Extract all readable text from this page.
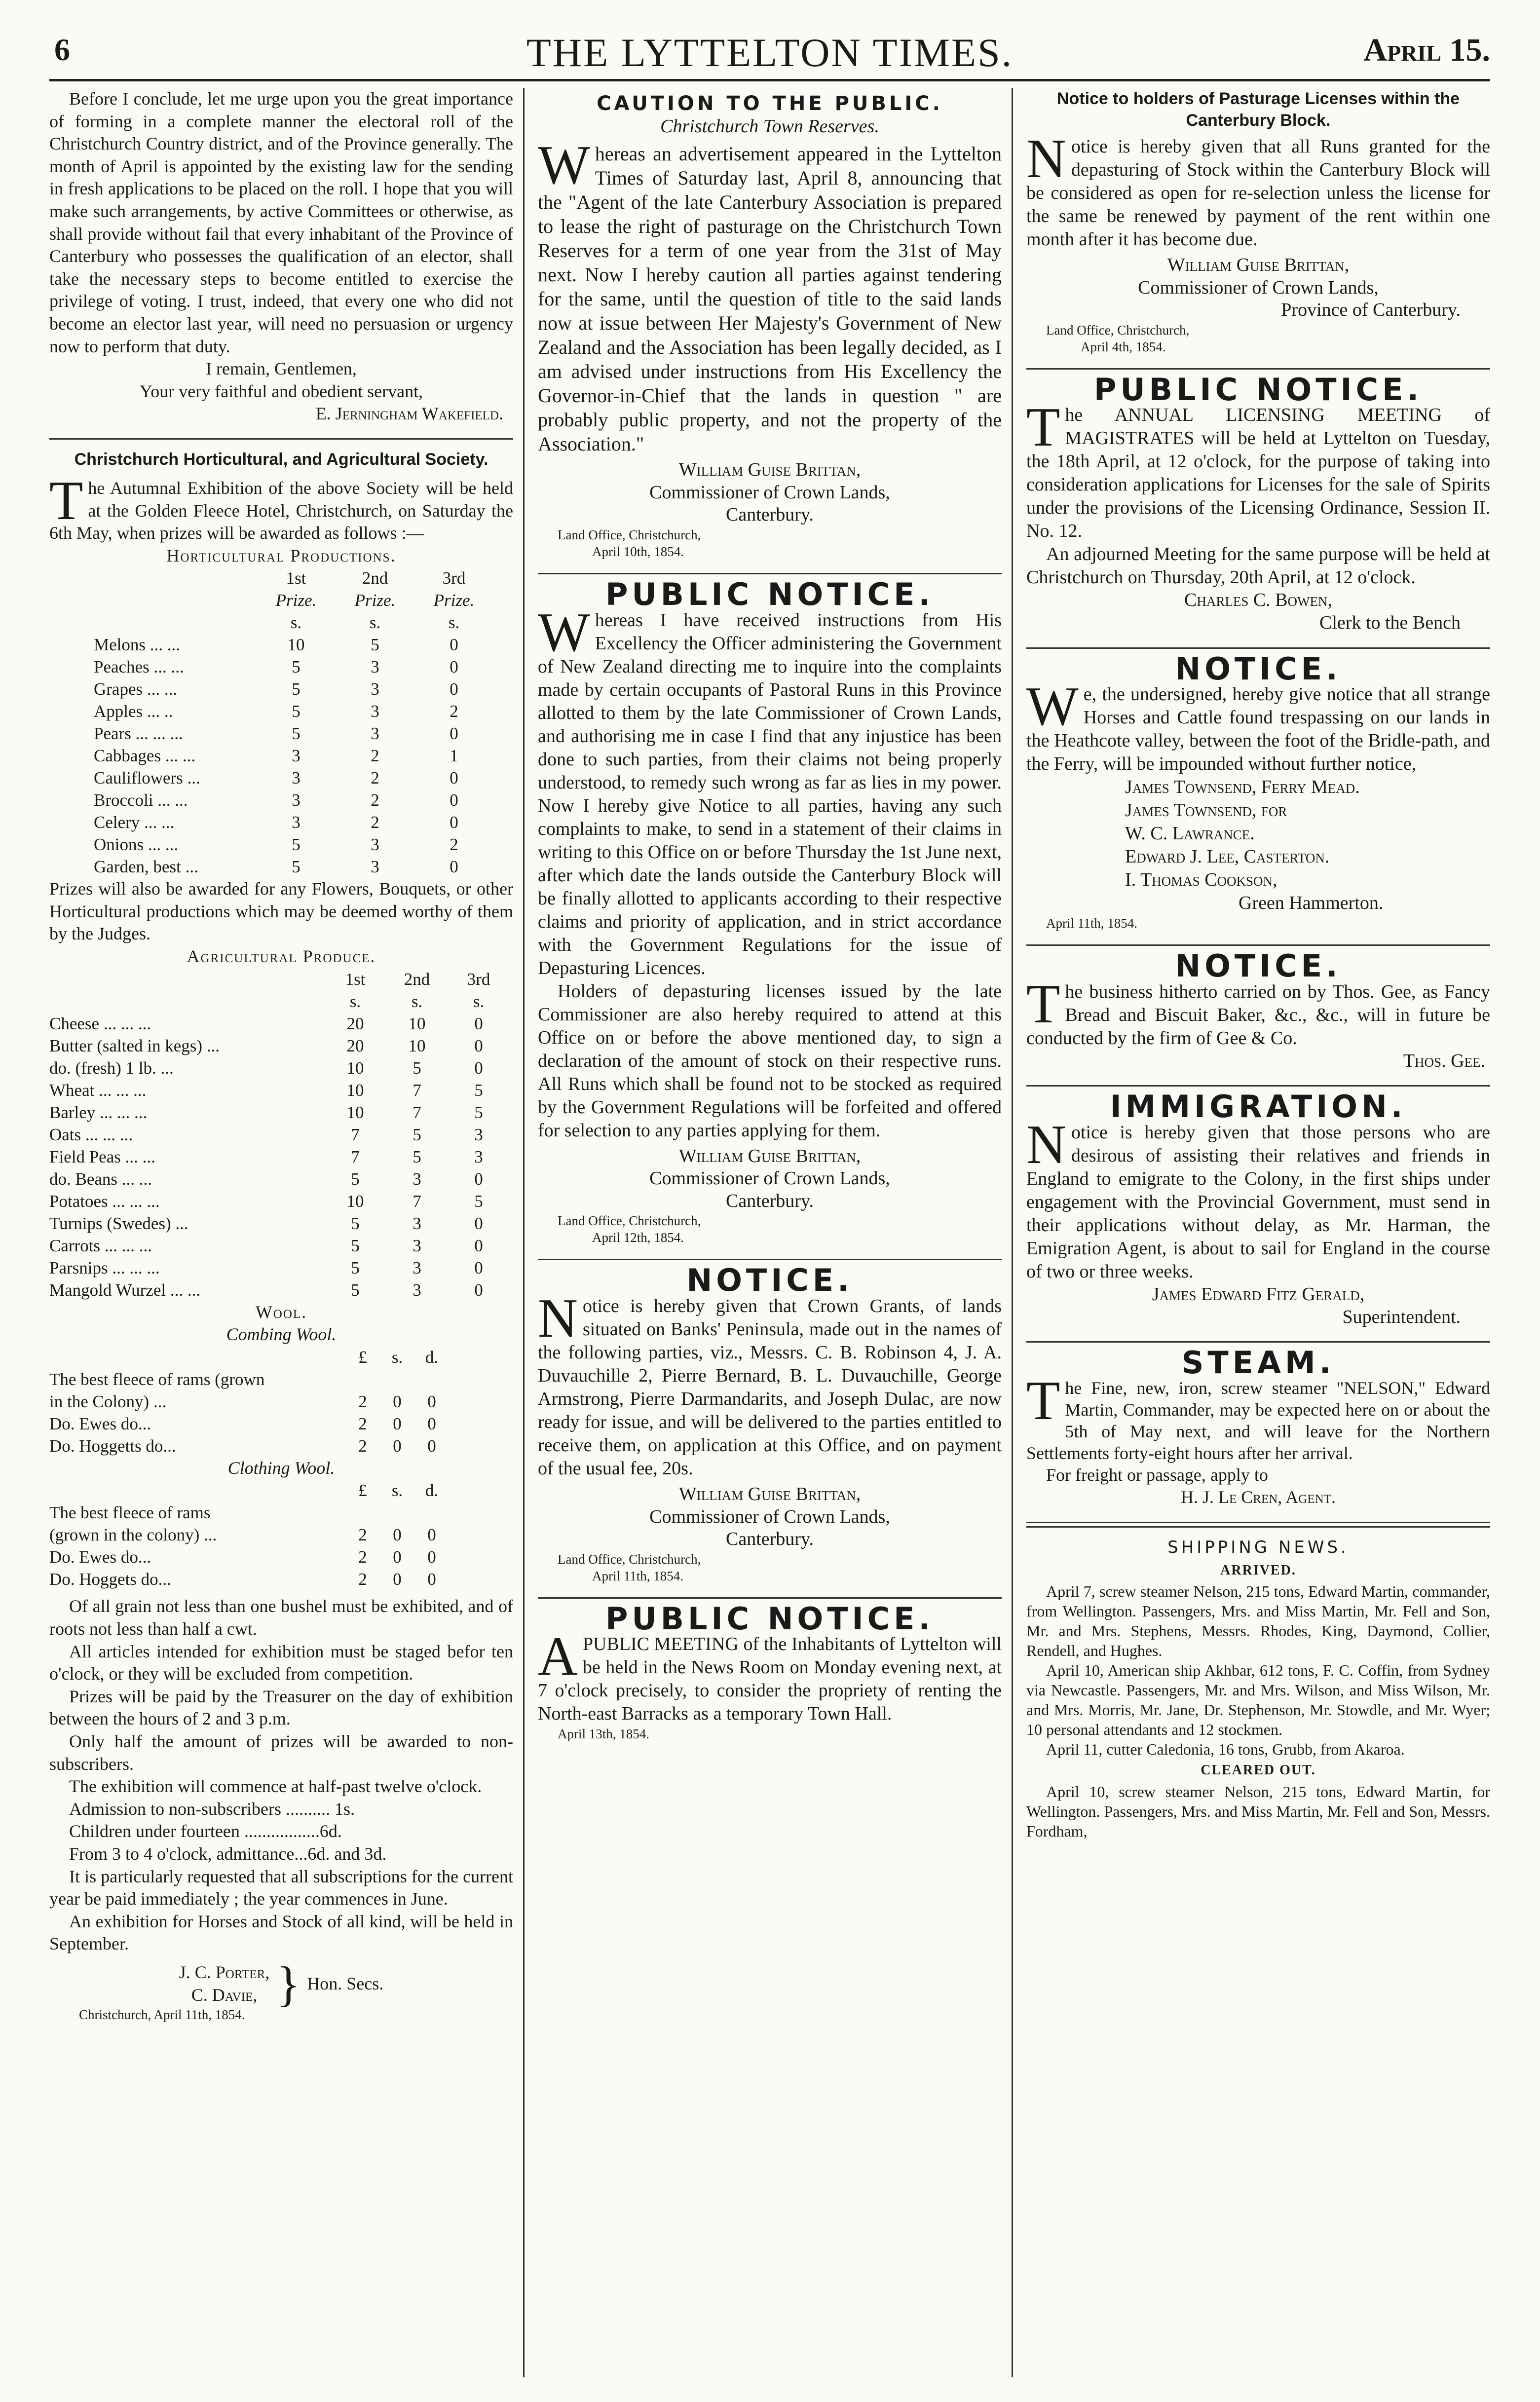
6	THE LYTTELTON TIMES.	April 15.

Before I conclude, let me urge upon you the great importance of forming in a complete manner the electoral roll of the Christchurch Country district, and of the Province generally. The month of April is appointed by the existing law for the sending in fresh applications to be placed on the roll. I hope that you will make such arrangements, by active Committees or otherwise, as shall provide without fail that every inhabitant of the Province of Canterbury who possesses the qualification of an elector, shall take the necessary steps to become entitled to exercise the privilege of voting. I trust, indeed, that every one who did not become an elector last year, will need no persuasion or urgency now to perform that duty.

I remain, Gentlemen,

Your very faithful and obedient servant,

E. Jerningham Wakefield.

Christchurch Horticultural, and Agricultural Society.

The Autumnal Exhibition of the above Society will be held at the Golden Fleece Hotel, Christchurch, on Saturday the 6th May, when prizes will be awarded as follows :—

Horticultural Productions.

	1st	2nd	3rd
	Prize.	Prize.	Prize.
	s.	s.	s.
Melons ... ...	10	5	0
Peaches ... ...	5	3	0
Grapes ... ...	5	3	0
Apples ... ..	5	3	2
Pears ... ... ...	5	3	0
Cabbages ... ...	3	2	1
Cauliflowers ...	3	2	0
Broccoli ... ...	3	2	0
Celery ... ...	3	2	0
Onions ... ...	5	3	2
Garden, best ...	5	3	0

Prizes will also be awarded for any Flowers, Bouquets, or other Horticultural productions which may be deemed worthy of them by the Judges.

Agricultural Produce.

	1st	2nd	3rd
	s.	s.	s.
Cheese ... ... ...	20	10	0
Butter (salted in kegs) ...	20	10	0
do. (fresh) 1 lb. ...	10	5	0
Wheat ... ... ...	10	7	5
Barley ... ... ...	10	7	5
Oats ... ... ...	7	5	3
Field Peas ... ...	7	5	3
do. Beans ... ...	5	3	0
Potatoes ... ... ...	10	7	5
Turnips (Swedes) ...	5	3	0
Carrots ... ... ...	5	3	0
Parsnips ... ... ...	5	3	0
Mangold Wurzel ... ...	5	3	0

Wool.

Combing Wool.

	£	s.	d.
The best fleece of rams (grown			
in the Colony) ...	2	0	0
Do. Ewes do...	2	0	0
Do. Hoggetts do...	2	0	0

Clothing Wool.

	£	s.	d.
The best fleece of rams			
(grown in the colony) ...	2	0	0
Do. Ewes do...	2	0	0
Do. Hoggets do...	2	0	0

Of all grain not less than one bushel must be exhibited, and of roots not less than half a cwt.

All articles intended for exhibition must be staged befor ten o'clock, or they will be excluded from competition.

Prizes will be paid by the Treasurer on the day of exhibition between the hours of 2 and 3 p.m.

Only half the amount of prizes will be awarded to non-subscribers.

The exhibition will commence at half-past twelve o'clock.

Admission to non-subscribers .......... 1s.

Children under fourteen .................6d.

From 3 to 4 o'clock, admittance...6d. and 3d.

It is particularly requested that all subscriptions for the current year be paid immediately ; the year commences in June.

An exhibition for Horses and Stock of all kind, will be held in September.

J. C. Porter,
C. Davie, } Hon. Secs.

Christchurch, April 11th, 1854.

CAUTION TO THE PUBLIC.

Christchurch Town Reserves.

Whereas an advertisement appeared in the Lyttelton Times of Saturday last, April 8, announcing that the "Agent of the late Canterbury Association is prepared to lease the right of pasturage on the Christchurch Town Reserves for a term of one year from the 31st of May next. Now I hereby caution all parties against tendering for the same, until the question of title to the said lands now at issue between Her Majesty's Government of New Zealand and the Association has been legally decided, as I am advised under instructions from His Excellency the Governor-in-Chief that the lands in question " are probably public property, and not the property of the Association."

William Guise Brittan,

Commissioner of Crown Lands,

Canterbury.

Land Office, Christchurch,

April 10th, 1854.

PUBLIC NOTICE.

Whereas I have received instructions from His Excellency the Officer administering the Government of New Zealand directing me to inquire into the complaints made by certain occupants of Pastoral Runs in this Province allotted to them by the late Commissioner of Crown Lands, and authorising me in case I find that any injustice has been done to such parties, from their claims not being properly understood, to remedy such wrong as far as lies in my power. Now I hereby give Notice to all parties, having any such complaints to make, to send in a statement of their claims in writing to this Office on or before Thursday the 1st June next, after which date the lands outside the Canterbury Block will be finally allotted to applicants according to their respective claims and priority of application, and in strict accordance with the Government Regulations for the issue of Depasturing Licences.

Holders of depasturing licenses issued by the late Commissioner are also hereby required to attend at this Office on or before the above mentioned day, to sign a declaration of the amount of stock on their respective runs. All Runs which shall be found not to be stocked as required by the Government Regulations will be forfeited and offered for selection to any parties applying for them.

William Guise Brittan,

Commissioner of Crown Lands,

Canterbury.

Land Office, Christchurch,

April 12th, 1854.

NOTICE.

Notice is hereby given that Crown Grants, of lands situated on Banks' Peninsula, made out in the names of the following parties, viz., Messrs. C. B. Robinson 4, J. A. Duvauchille 2, Pierre Bernard, B. L. Duvauchille, George Armstrong, Pierre Darmandarits, and Joseph Dulac, are now ready for issue, and will be delivered to the parties entitled to receive them, on application at this Office, and on payment of the usual fee, 20s.

William Guise Brittan,

Commissioner of Crown Lands,

Canterbury.

Land Office, Christchurch,

April 11th, 1854.

PUBLIC NOTICE.

APUBLIC MEETING of the Inhabitants of Lyttelton will be held in the News Room on Monday evening next, at 7 o'clock precisely, to consider the propriety of renting the North-east Barracks as a temporary Town Hall.

April 13th, 1854.

Notice to holders of Pasturage Licenses within the Canterbury Block.

Notice is hereby given that all Runs granted for the depasturing of Stock within the Canterbury Block will be considered as open for re-selection unless the license for the same be renewed by payment of the rent within one month after it has become due.

William Guise Brittan,

Commissioner of Crown Lands,

Province of Canterbury.

Land Office, Christchurch,

April 4th, 1854.

PUBLIC NOTICE.

The ANNUAL LICENSING MEETING of MAGISTRATES will be held at Lyttelton on Tuesday, the 18th April, at 12 o'clock, for the purpose of taking into consideration applications for Licenses for the sale of Spirits under the provisions of the Licensing Ordinance, Session II. No. 12.

An adjourned Meeting for the same purpose will be held at Christchurch on Thursday, 20th April, at 12 o'clock.

Charles C. Bowen,

Clerk to the Bench

NOTICE.

We, the undersigned, hereby give notice that all strange Horses and Cattle found trespassing on our lands in the Heathcote valley, between the foot of the Bridle-path, and the Ferry, will be impounded without further notice,

James Townsend, Ferry Mead.
James Townsend, for
W. C. Lawrance.
Edward J. Lee, Casterton.
I. Thomas Cookson,
Green Hammerton.

April 11th, 1854.

NOTICE.

The business hitherto carried on by Thos. Gee, as Fancy Bread and Biscuit Baker, &c., &c., will in future be conducted by the firm of Gee & Co.

Thos. Gee.

IMMIGRATION.

Notice is hereby given that those persons who are desirous of assisting their relatives and friends in England to emigrate to the Colony, in the first ships under engagement with the Provincial Government, must send in their applications without delay, as Mr. Harman, the Emigration Agent, is about to sail for England in the course of two or three weeks.

James Edward Fitz Gerald,

Superintendent.

STEAM.

The Fine, new, iron, screw steamer "NELSON," Edward Martin, Commander, may be expected here on or about the 5th of May next, and will leave for the Northern Settlements forty-eight hours after her arrival.

For freight or passage, apply to

H. J. Le Cren, Agent.

SHIPPING NEWS.

ARRIVED.

April 7, screw steamer Nelson, 215 tons, Edward Martin, commander, from Wellington. Passengers, Mrs. and Miss Martin, Mr. Fell and Son, Mr. and Mrs. Stephens, Messrs. Rhodes, King, Daymond, Collier, Rendell, and Hughes.

April 10, American ship Akhbar, 612 tons, F. C. Coffin, from Sydney via Newcastle. Passengers, Mr. and Mrs. Wilson, and Miss Wilson, Mr. and Mrs. Morris, Mr. Jane, Dr. Stephenson, Mr. Stowdle, and Mr. Wyer; 10 personal attendants and 12 stockmen.

April 11, cutter Caledonia, 16 tons, Grubb, from Akaroa.

CLEARED OUT.

April 10, screw steamer Nelson, 215 tons, Edward Martin, for Wellington. Passengers, Mrs. and Miss Martin, Mr. Fell and Son, Messrs. Fordham,
